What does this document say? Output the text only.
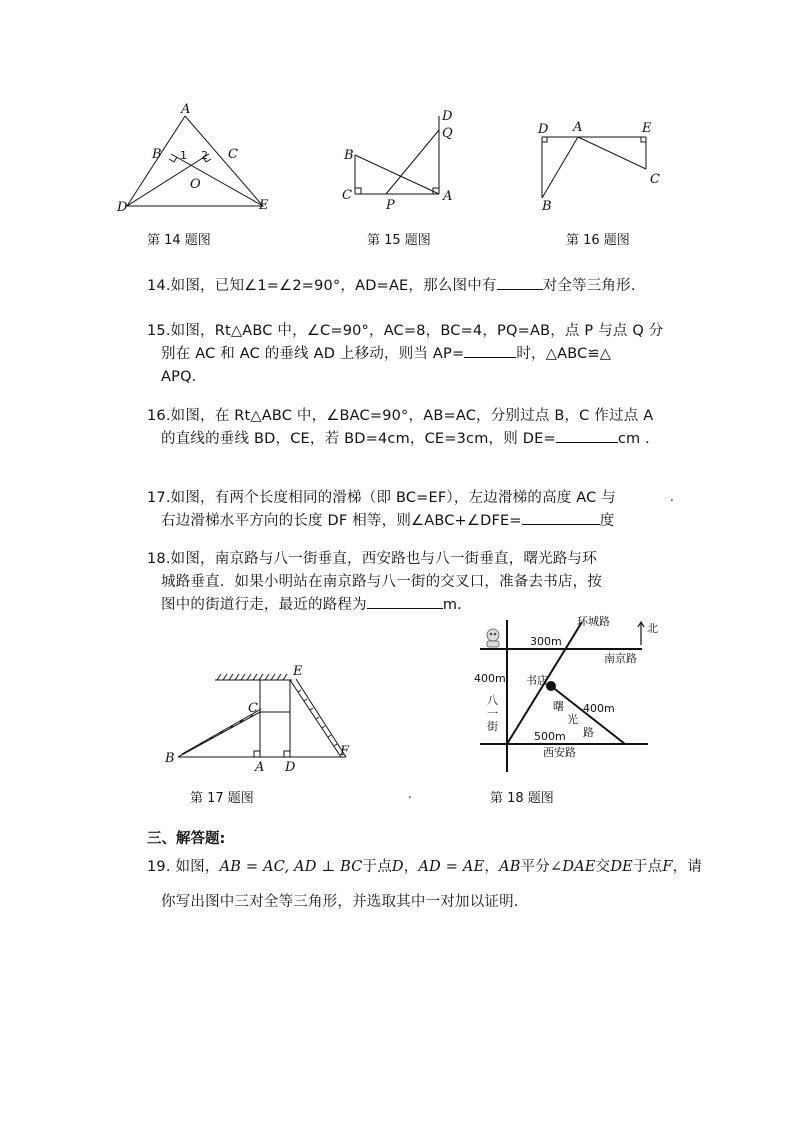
A
B	C
D	E
O
1 2
第 14 题图
D
Q
B
C
P
A
第 15 题图
D A	E
C
B
第 16 题图
14.如图，已知∠1=∠2=90°，AD=AE，那么图中有	对全等三角形.
15.如图，Rt△ABC 中，∠C=90°，AC=8，BC=4，PQ=AB，点 P 与点 Q 分
别在 AC 和 AC 的垂线 AD 上移动，则当 AP=	时，△ABC≌△
APQ.
16.如图，在 Rt△ABC 中，∠BAC=90°，AB=AC，分别过点 B，C 作过点 A
的直线的垂线 BD，CE，若 BD=4cm，CE=3cm，则 DE=	cm .
17.如图，有两个长度相同的滑梯（即 BC=EF），左边滑梯的高度 AC 与	.
右边滑梯水平方向的长度 DF 相等，则∠ABC+∠DFE=	度
18.如图，南京路与八一街垂直，西安路也与八一街垂直，曙光路与环
城路垂直．如果小明站在南京路与八一街的交叉口，准备去书店，按
图中的街道行走，最近的路程为	m.
B
C
E
F
A D
第 17 题图	.
环城路
北
300m
南京路
400m
八
一
街
书店
曙
光
路
400m
500m
西安路
第 18 题图
三、解答题:
19. 如图，AB = AC, AD ⊥ BC于点D，AD = AE，AB平分∠DAE交DE于点F，请
你写出图中三对全等三角形，并选取其中一对加以证明.
